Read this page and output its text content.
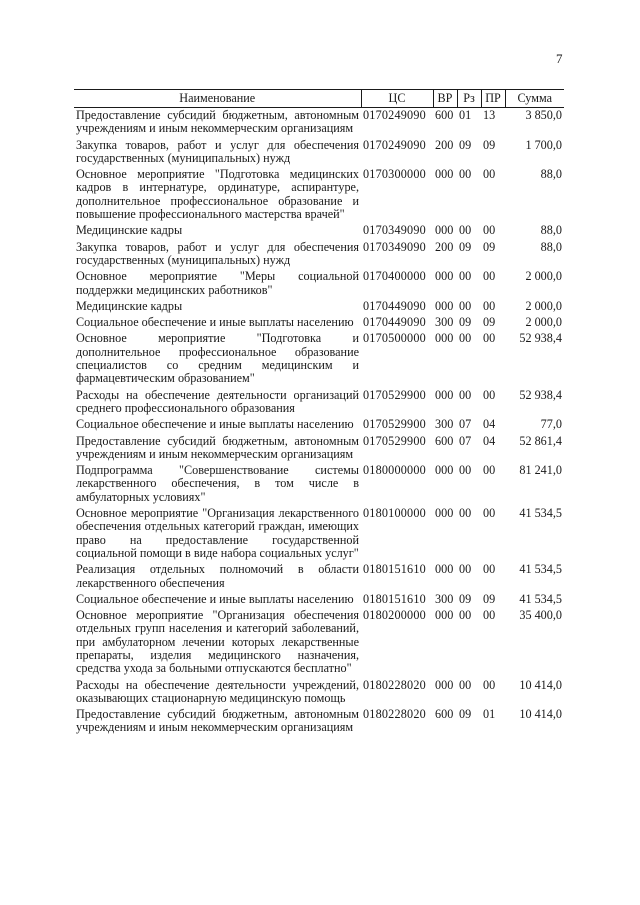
7
Наименование	ЦС	ВР	Рз	ПР	Сумма
Предоставление субсидий бюджетным, автономным учреждениям и иным некоммерческим организациям	0170249090	600	01	13	3 850,0
Закупка товаров, работ и услуг для обеспечения государственных (муниципальных) нужд	0170249090	200	09	09	1 700,0
Основное мероприятие "Подготовка медицинских кадров в интернатуре, ординатуре, аспирантуре, дополнительное профессиональное образование и повышение профессионального мастерства врачей"	0170300000	000	00	00	88,0
Медицинские кадры	0170349090	000	00	00	88,0
Закупка товаров, работ и услуг для обеспечения государственных (муниципальных) нужд	0170349090	200	09	09	88,0
Основное мероприятие "Меры социальной поддержки медицинских работников"	0170400000	000	00	00	2 000,0
Медицинские кадры	0170449090	000	00	00	2 000,0
Социальное обеспечение и иные выплаты населению	0170449090	300	09	09	2 000,0
Основное мероприятие "Подготовка и дополнительное профессиональное образование специалистов со средним медицинским и фармацевтическим образованием"	0170500000	000	00	00	52 938,4
Расходы на обеспечение деятельности организаций среднего профессионального образования	0170529900	000	00	00	52 938,4
Социальное обеспечение и иные выплаты населению	0170529900	300	07	04	77,0
Предоставление субсидий бюджетным, автономным учреждениям и иным некоммерческим организациям	0170529900	600	07	04	52 861,4
Подпрограмма "Совершенствование системы лекарственного обеспечения, в том числе в амбулаторных условиях"	0180000000	000	00	00	81 241,0
Основное мероприятие "Организация лекарственного обеспечения отдельных категорий граждан, имеющих право на предоставление государственной социальной помощи в виде набора социальных услуг"	0180100000	000	00	00	41 534,5
Реализация отдельных полномочий в области лекарственного обеспечения	0180151610	000	00	00	41 534,5
Социальное обеспечение и иные выплаты населению	0180151610	300	09	09	41 534,5
Основное мероприятие "Организация обеспечения отдельных групп населения и категорий заболеваний, при амбулаторном лечении которых лекарственные препараты, изделия медицинского назначения, средства ухода за больными отпускаются бесплатно"	0180200000	000	00	00	35 400,0
Расходы на обеспечение деятельности учреждений, оказывающих стационарную медицинскую помощь	0180228020	000	00	00	10 414,0
Предоставление субсидий бюджетным, автономным учреждениям и иным некоммерческим организациям	0180228020	600	09	01	10 414,0
